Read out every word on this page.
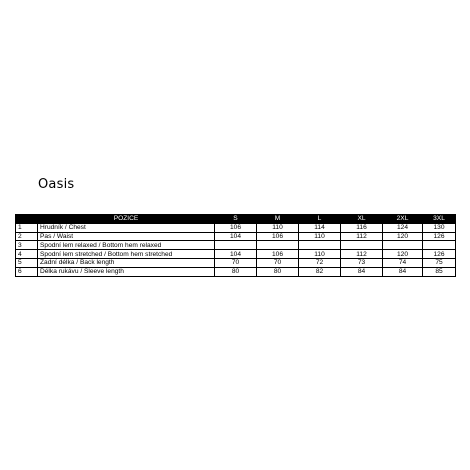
Oasis
	POZICE	S	M	L	XL	2XL	3XL
1	Hrudník / Chest	106	110	114	116	124	130
2	Pas / Waist	104	106	110	112	120	126
3	Spodní lem relaxed / Bottom hem relaxed						
4	Spodní lem stretched / Bottom hem stretched	104	106	110	112	120	126
5	Zadní délka / Back length	70	70	72	73	74	75
6	Délka rukávu / Sleeve length	80	80	82	84	84	85
